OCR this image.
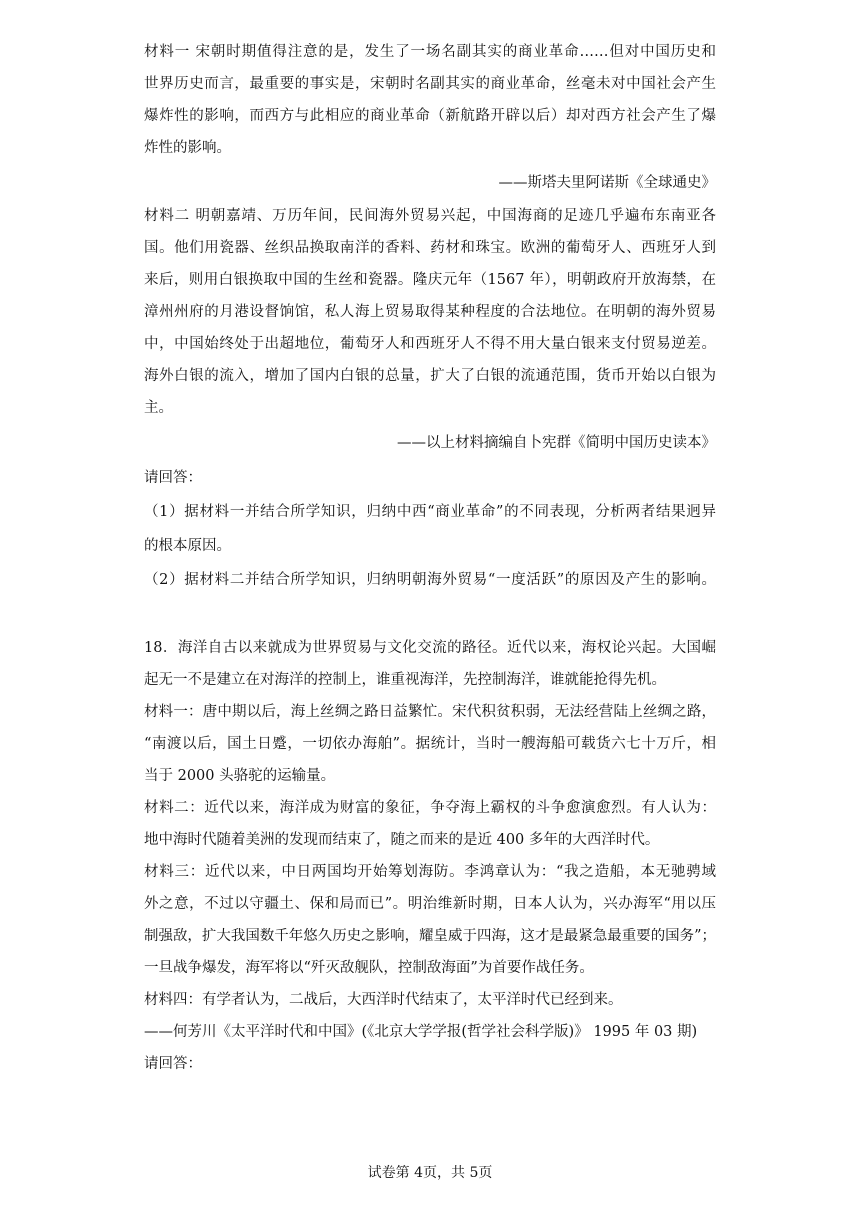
材料一 宋朝时期值得注意的是，发生了一场名副其实的商业革命……但对中国历史和
世界历史而言，最重要的事实是，宋朝时名副其实的商业革命，丝毫未对中国社会产生
爆炸性的影响，而西方与此相应的商业革命（新航路开辟以后）却对西方社会产生了爆
炸性的影响。
——斯塔夫里阿诺斯《全球通史》
材料二 明朝嘉靖、万历年间，民间海外贸易兴起，中国海商的足迹几乎遍布东南亚各
国。他们用瓷器、丝织品换取南洋的香料、药材和珠宝。欧洲的葡萄牙人、西班牙人到
来后，则用白银换取中国的生丝和瓷器。隆庆元年（1567 年），明朝政府开放海禁，在
漳州州府的月港设督饷馆，私人海上贸易取得某种程度的合法地位。在明朝的海外贸易
中，中国始终处于出超地位，葡萄牙人和西班牙人不得不用大量白银来支付贸易逆差。
海外白银的流入，增加了国内白银的总量，扩大了白银的流通范围，货币开始以白银为
主。
——以上材料摘编自卜宪群《简明中国历史读本》
请回答：
（1）据材料一并结合所学知识，归纳中西“商业革命”的不同表现，分析两者结果迥异
的根本原因。
（2）据材料二并结合所学知识，归纳明朝海外贸易“一度活跃”的原因及产生的影响。
18．海洋自古以来就成为世界贸易与文化交流的路径。近代以来，海权论兴起。大国崛
起无一不是建立在对海洋的控制上，谁重视海洋，先控制海洋，谁就能抢得先机。
材料一：唐中期以后，海上丝绸之路日益繁忙。宋代积贫积弱，无法经营陆上丝绸之路，
“南渡以后，国土日蹙，一切依办海舶”。据统计，当时一艘海船可载货六七十万斤，相
当于 2000 头骆驼的运输量。
材料二：近代以来，海洋成为财富的象征，争夺海上霸权的斗争愈演愈烈。有人认为：
地中海时代随着美洲的发现而结束了，随之而来的是近 400 多年的大西洋时代。
材料三：近代以来，中日两国均开始筹划海防。李鸿章认为：“我之造船，本无驰骋域
外之意，不过以守疆土、保和局而已”。明治维新时期，日本人认为，兴办海军“用以压
制强敌，扩大我国数千年悠久历史之影响，耀皇威于四海，这才是最紧急最重要的国务”；
一旦战争爆发，海军将以“歼灭敌舰队，控制敌海面”为首要作战任务。
材料四：有学者认为，二战后，大西洋时代结束了，太平洋时代已经到来。
——何芳川《太平洋时代和中国》(《北京大学学报(哲学社会科学版)》 1995 年 03 期)
请回答：
试卷第 4页，共 5页
